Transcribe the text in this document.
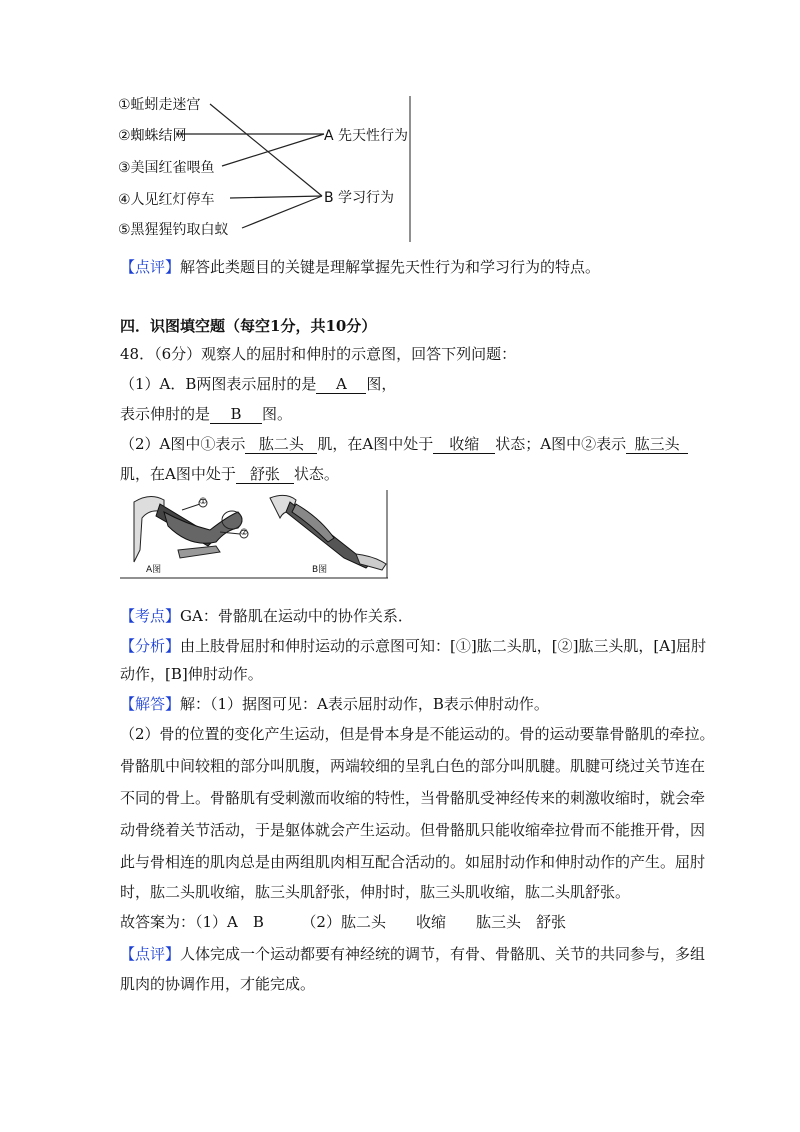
①蚯蚓走迷宫
②蜘蛛结网
③美国红雀喂鱼
④人见红灯停车
⑤黑猩猩钓取白蚁
A 先天性行为
B 学习行为
【点评】解答此类题目的关键是理解掌握先天性行为和学习行为的特点。
四．识图填空题（每空1分，共10分）
48．（6分）观察人的屈肘和伸肘的示意图，回答下列问题：
（1）A．B两图表示屈肘的是 A 图，
表示伸肘的是 B 图。
（2）A图中①表示 肱二头 肌，在A图中处于 收缩 状态；A图中②表示 肱三头
肌，在A图中处于 舒张 状态。
①
②
A图	B图
【考点】GA：骨骼肌在运动中的协作关系．
【分析】由上肢骨屈肘和伸肘运动的示意图可知：[①]肱二头肌，[②]肱三头肌，[A]屈肘
动作，[B]伸肘动作。
【解答】解：（1）据图可见：A表示屈肘动作，B表示伸肘动作。
（2）骨的位置的变化产生运动，但是骨本身是不能运动的。骨的运动要靠骨骼肌的牵拉。
骨骼肌中间较粗的部分叫肌腹，两端较细的呈乳白色的部分叫肌腱。肌腱可绕过关节连在
不同的骨上。骨骼肌有受刺激而收缩的特性，当骨骼肌受神经传来的刺激收缩时，就会牵
动骨绕着关节活动，于是躯体就会产生运动。但骨骼肌只能收缩牵拉骨而不能推开骨，因
此与骨相连的肌肉总是由两组肌肉相互配合活动的。如屈肘动作和伸肘动作的产生。屈肘
时，肱二头肌收缩，肱三头肌舒张，伸肘时，肱三头肌收缩，肱二头肌舒张。
故答案为：（1）A　B　　　（2）肱二头　　收缩　　肱三头　舒张
【点评】人体完成一个运动都要有神经统的调节，有骨、骨骼肌、关节的共同参与，多组
肌肉的协调作用，才能完成。
